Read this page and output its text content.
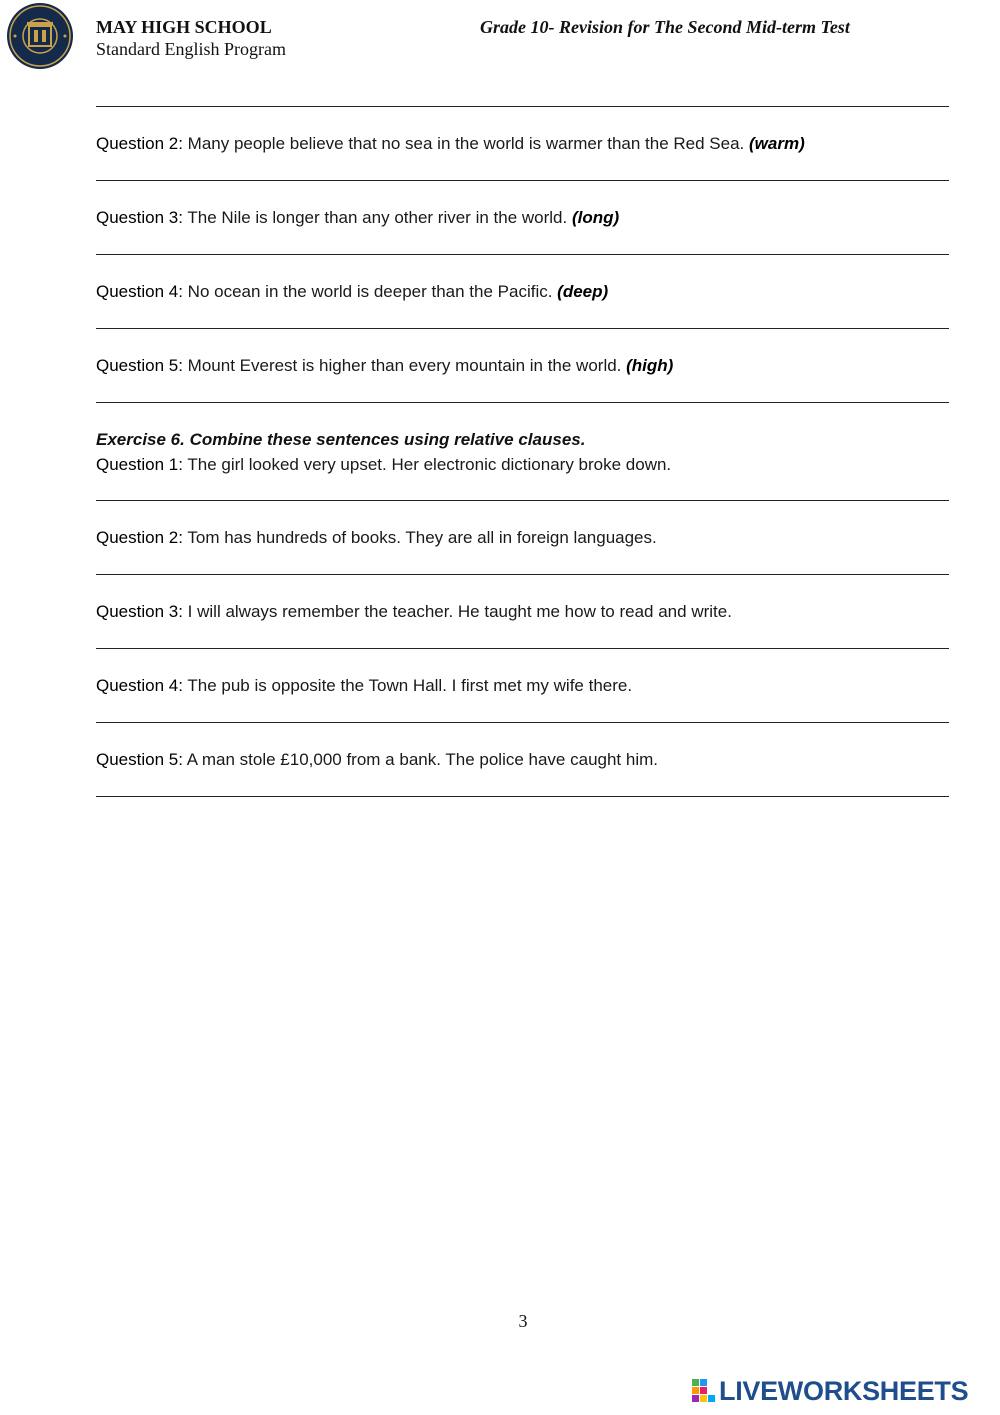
MAY HIGH SCHOOL
Standard English Program
Grade 10- Revision for The Second Mid-term Test
Question 2: Many people believe that no sea in the world is warmer than the Red Sea. (warm)
Question 3: The Nile is longer than any other river in the world. (long)
Question 4: No ocean in the world is deeper than the Pacific. (deep)
Question 5: Mount Everest is higher than every mountain in the world. (high)
Exercise 6. Combine these sentences using relative clauses.
Question 1: The girl looked very upset. Her electronic dictionary broke down.
Question 2: Tom has hundreds of books. They are all in foreign languages.
Question 3: I will always remember the teacher. He taught me how to read and write.
Question 4: The pub is opposite the Town Hall. I first met my wife there.
Question 5: A man stole £10,000 from a bank. The police have caught him.
3
LIVEWORKSHEETS
